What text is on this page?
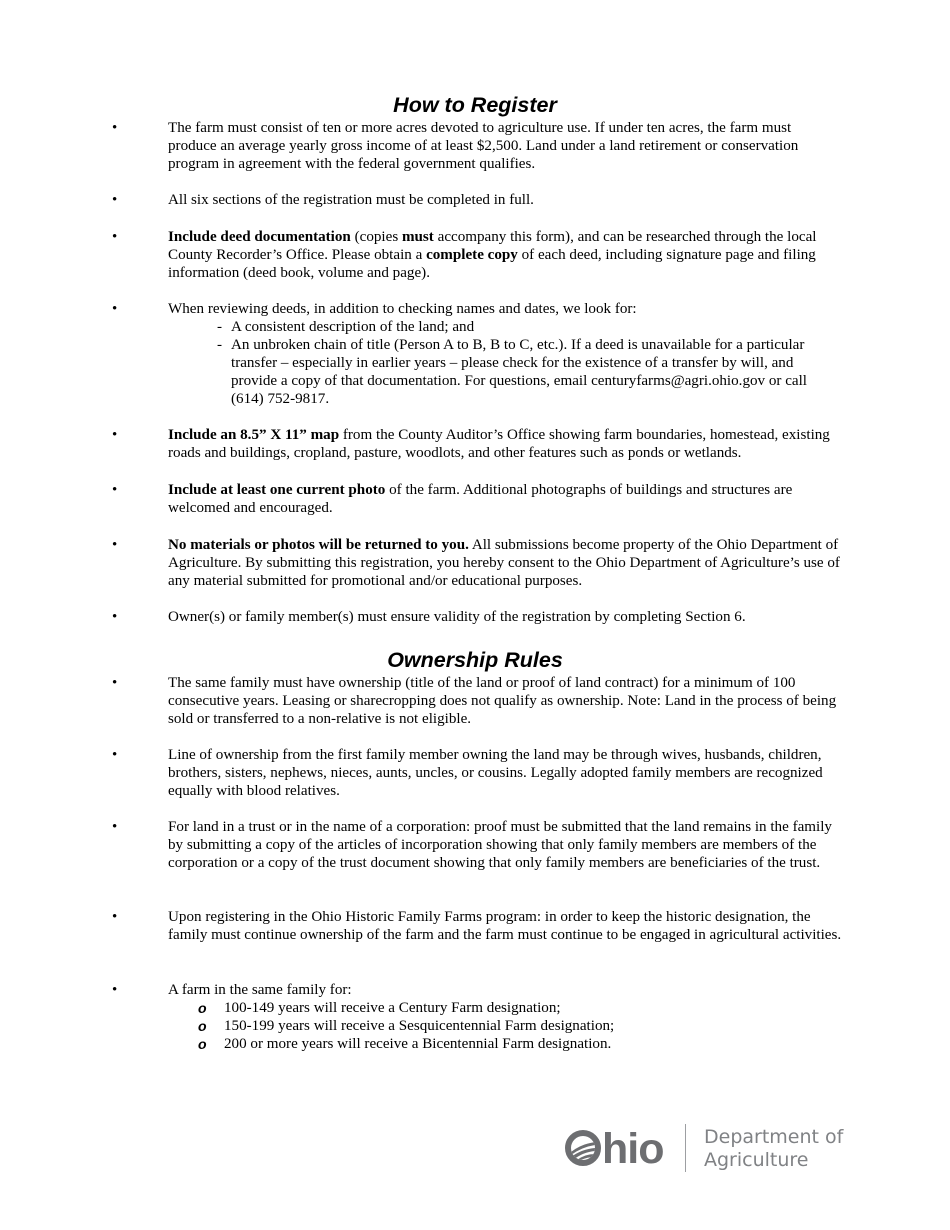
How to Register
•	The farm must consist of ten or more acres devoted to agriculture use. If under ten acres, the farm must produce an average yearly gross income of at least $2,500. Land under a land retirement or conservation program in agreement with the federal government qualifies.
•	All six sections of the registration must be completed in full.
•	Include deed documentation (copies must accompany this form), and can be researched through the local County Recorder’s Office. Please obtain a complete copy of each deed, including signature page and filing information (deed book, volume and page).
•	When reviewing deeds, in addition to checking names and dates, we look for:
- A consistent description of the land; and
- An unbroken chain of title (Person A to B, B to C, etc.). If a deed is unavailable for a particular transfer – especially in earlier years – please check for the existence of a transfer by will, and provide a copy of that documentation. For questions, email centuryfarms@agri.ohio.gov or call (614) 752-9817.
•	Include an 8.5” X 11” map from the County Auditor’s Office showing farm boundaries, homestead, existing roads and buildings, cropland, pasture, woodlots, and other features such as ponds or wetlands.
•	Include at least one current photo of the farm. Additional photographs of buildings and structures are welcomed and encouraged.
•	No materials or photos will be returned to you. All submissions become property of the Ohio Department of Agriculture. By submitting this registration, you hereby consent to the Ohio Department of Agriculture’s use of any material submitted for promotional and/or educational purposes.
•	Owner(s) or family member(s) must ensure validity of the registration by completing Section 6.
Ownership Rules
•	The same family must have ownership (title of the land or proof of land contract) for a minimum of 100 consecutive years. Leasing or sharecropping does not qualify as ownership. Note: Land in the process of being sold or transferred to a non-relative is not eligible.
•	Line of ownership from the first family member owning the land may be through wives, husbands, children, brothers, sisters, nephews, nieces, aunts, uncles, or cousins. Legally adopted family members are recognized equally with blood relatives.
•	For land in a trust or in the name of a corporation: proof must be submitted that the land remains in the family by submitting a copy of the articles of incorporation showing that only family members are members of the corporation or a copy of the trust document showing that only family members are beneficiaries of the trust.
•	Upon registering in the Ohio Historic Family Farms program: in order to keep the historic designation, the family must continue ownership of the farm and the farm must continue to be engaged in agricultural activities.
•	A farm in the same family for:
o 100-149 years will receive a Century Farm designation;
o 150-199 years will receive a Sesquicentennial Farm designation;
o 200 or more years will receive a Bicentennial Farm designation.
hio Department of
Agriculture
